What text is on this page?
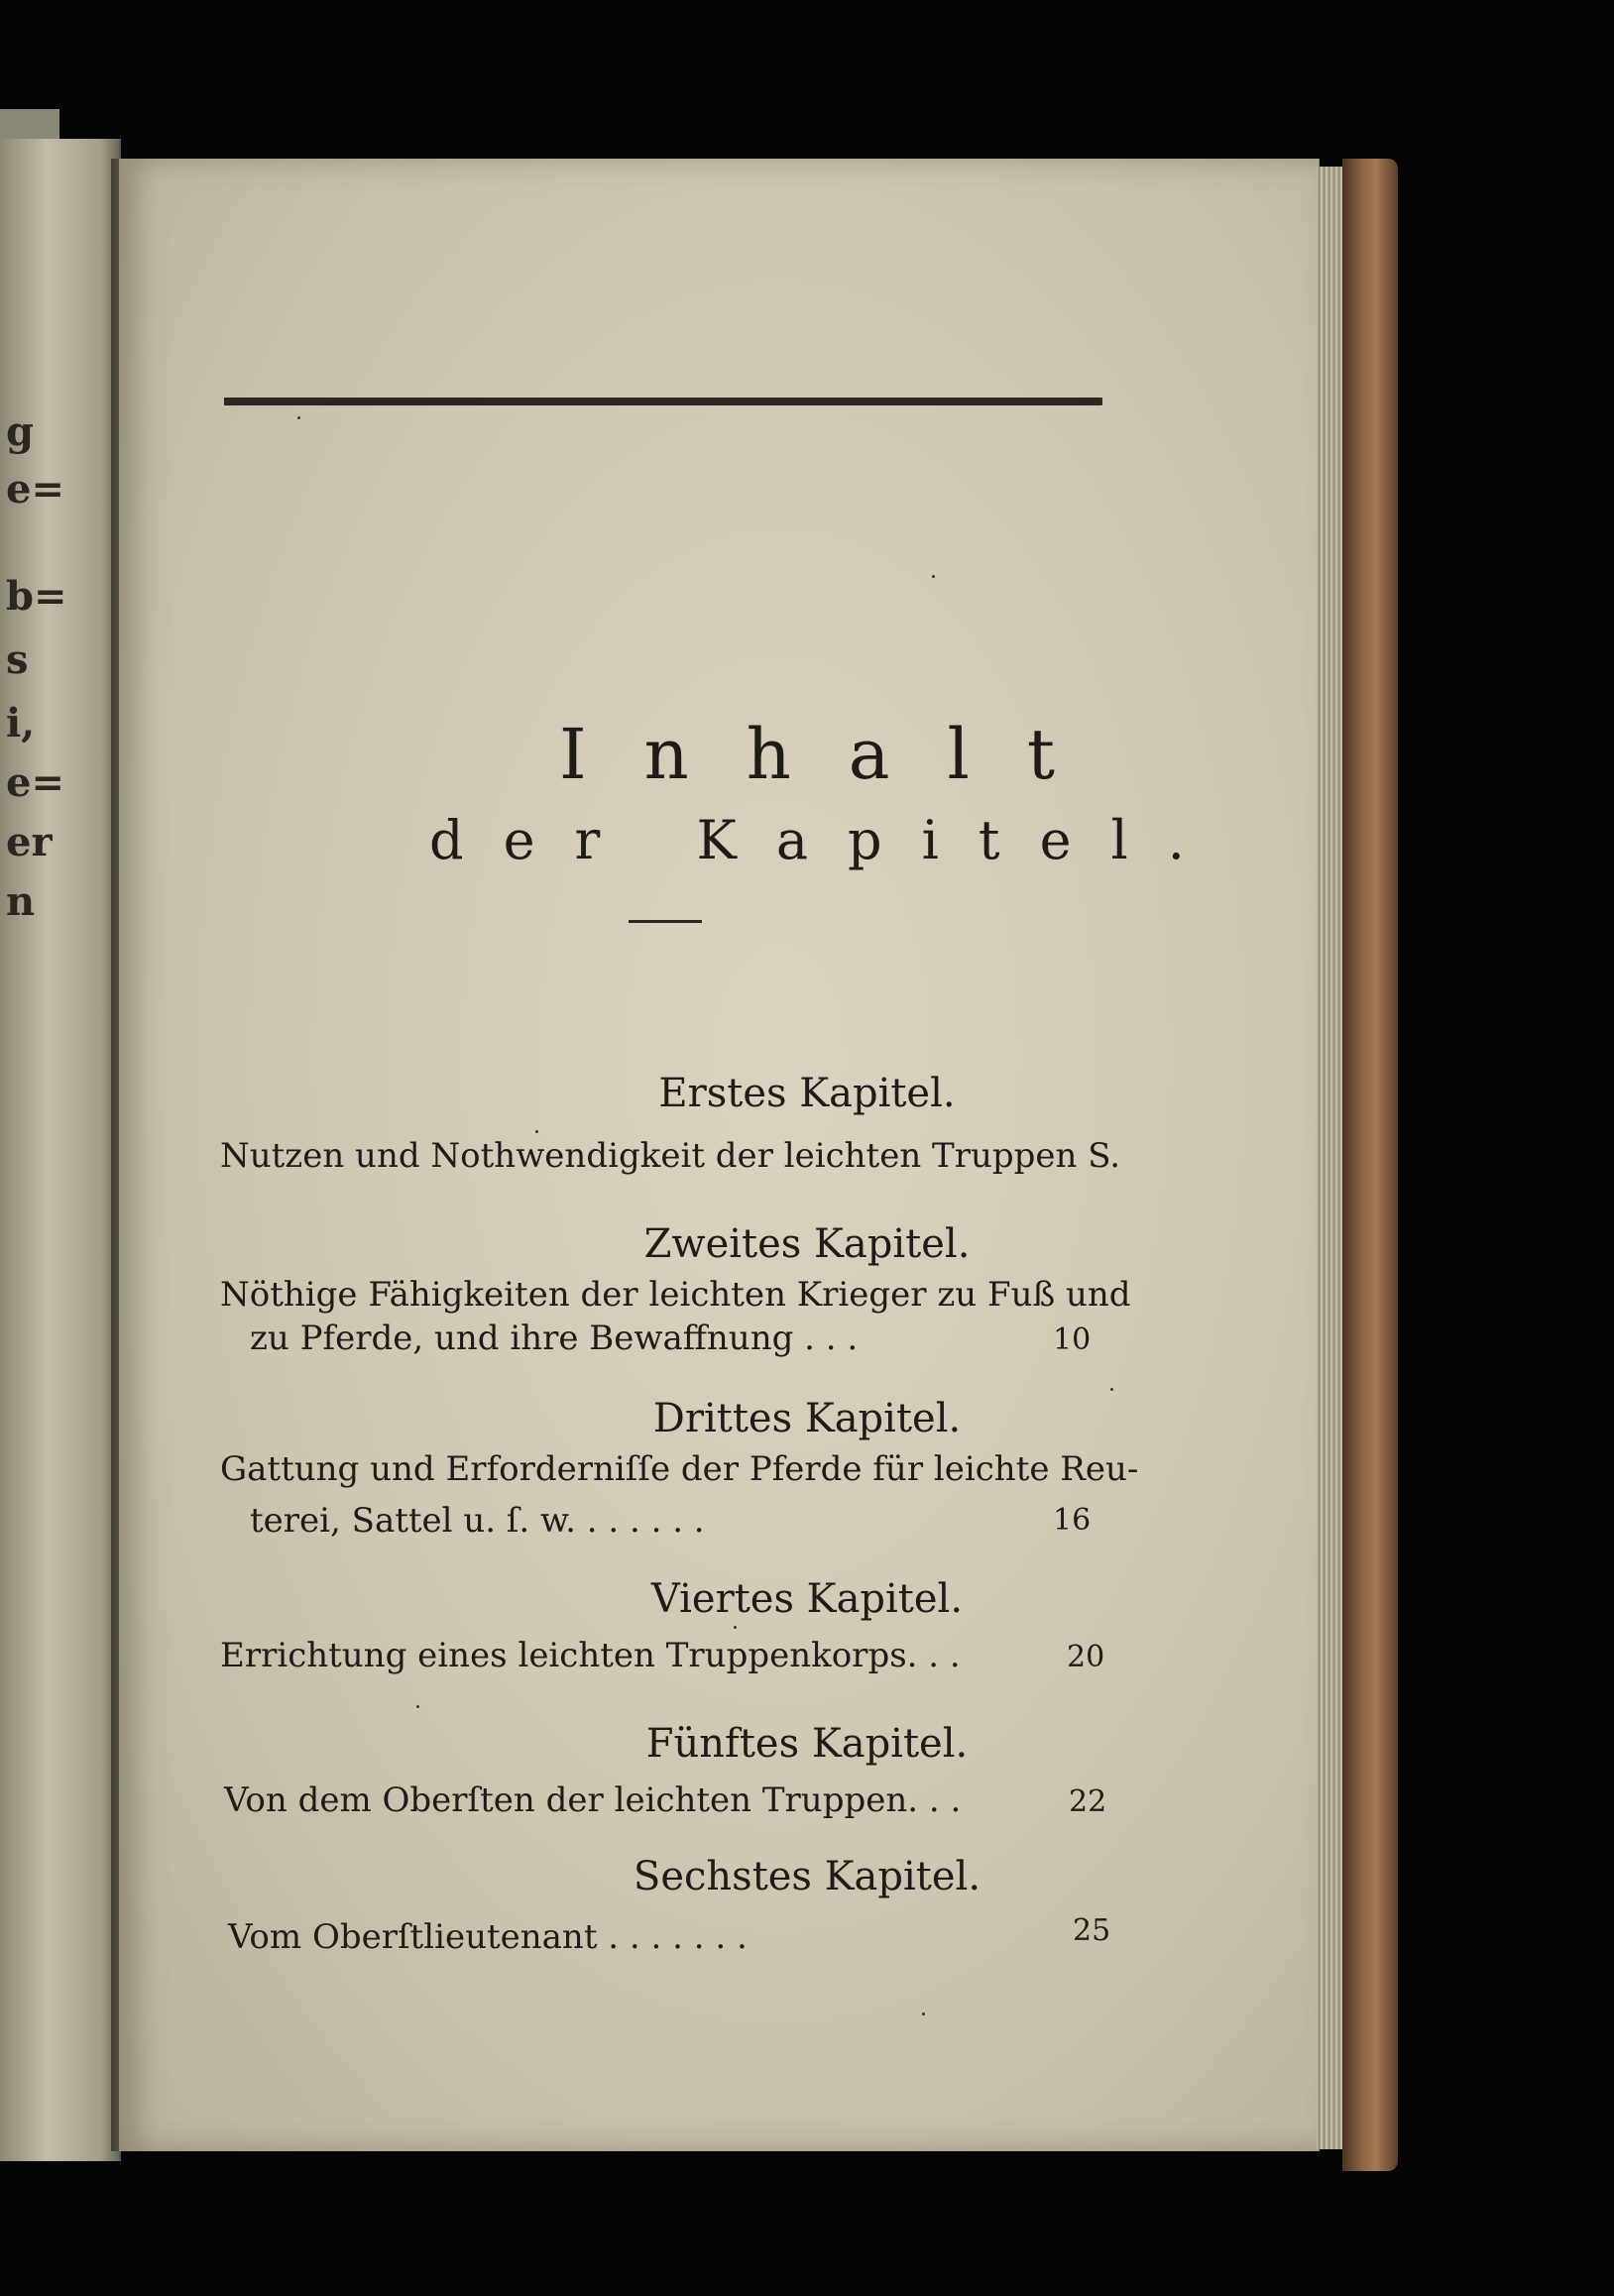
g
e=
b=
s
i,
e=
er
n
Inhalt
der Kapitel.
Erstes Kapitel.
Nutzen und Nothwendigkeit der leichten Truppen S.
Zweites Kapitel.
Nöthige Fähigkeiten der leichten Krieger zu Fuß und
zu Pferde, und ihre Bewaffnung . . .	10
Drittes Kapitel.
Gattung und Erforderniſſe der Pferde für leichte Reu-
terei, Sattel u. ſ. w. . . . . . .	16
Viertes Kapitel.
Errichtung eines leichten Truppenkorps. . .	20
Fünftes Kapitel.
Von dem Oberſten der leichten Truppen. . .	22
Sechstes Kapitel.
Vom Oberſtlieutenant . . . . . . .	25
